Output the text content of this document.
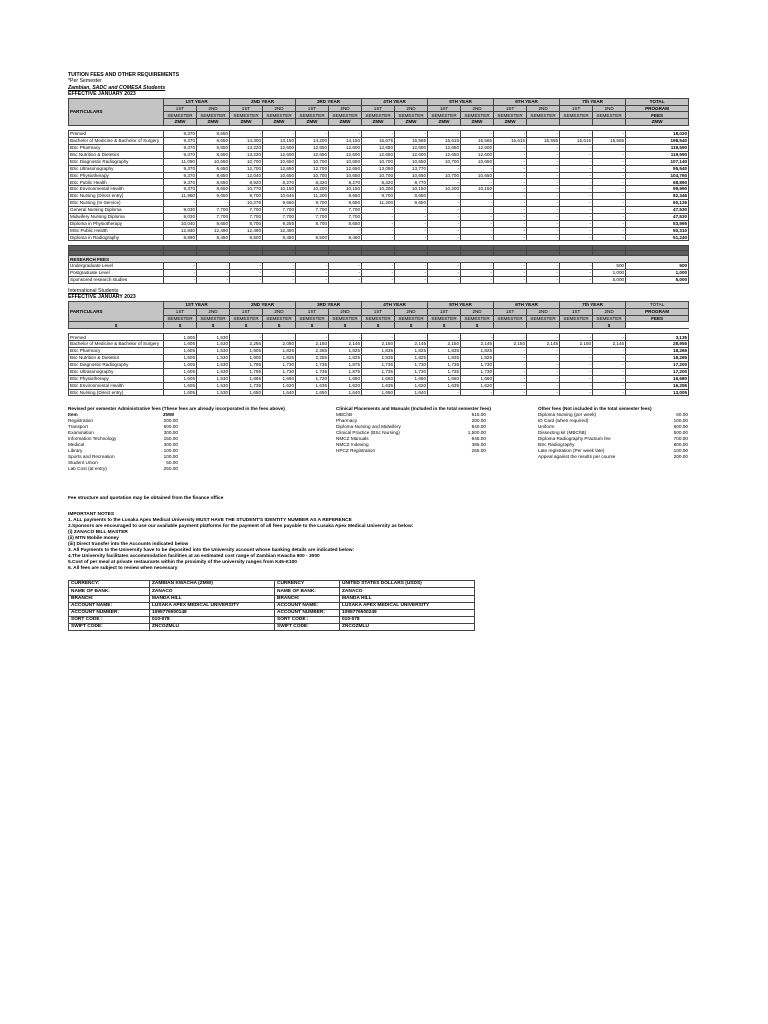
TUITION FEES AND OTHER REQUIREMENTS
*Per Semester
Zambian, SADC and COMESA Students
EFFECTIVE JANUARY 2023
PARTICULARS	1ST YEAR		2ND YEAR		3RD YEAR		4TH YEAR		5TH YEAR		6TH YEAR		7th YEAR		TOTAL
	1ST	2ND	1ST	2ND	1ST	2ND	1ST	2ND	1ST	2ND	1ST	2ND	1ST	2ND	PROGRAM
	SEMESTER	SEMESTER	SEMESTER	SEMESTER	SEMESTER	SEMESTER	SEMESTER	SEMESTER	SEMESTER	SEMESTER	SEMESTER	SEMESTER	SEMESTER	SEMESTER	FEES
	ZMW	ZMW	ZMW	ZMW	ZMW	ZMW	ZMW	ZMW	ZMW	ZMW	ZMW				ZMW

Premed	9,370	8,650	-	-	-	-	-	-	-	-	-	-	-	-	18,020
Bachelor of Medicine & Bachelor of Surgery	9,370	8,650	14,300	13,150	14,200	14,150	15,675	15,565	15,615	15,565	15,615	15,565	15,615	15,565	198,540
BSc Pharmacy	9,370	8,650	13,220	12,600	12,650	12,600	12,650	12,600	12,650	12,600	-	-	-	-	119,590
Bsc Nutrition & Dietetics	9,370	8,650	13,220	12,600	12,650	12,600	12,650	12,600	12,650	12,600	-	-	-	-	119,590
BSc Diagnostic Radiography	11,090	10,650	10,700	10,650	10,700	10,650	10,700	10,650	10,700	10,650	-	-	-	-	107,140
BSc Ultrasonography	9,370	8,650	12,700	12,650	12,700	12,650	13,050	13,770	-	-	-	-	-	-	95,540
BSc Physiotherapy	9,370	8,650	12,040	10,650	10,700	10,650	10,700	10,650	10,700	10,650	-	-	-	-	104,760
BSc Public Health	9,370	8,650	8,920	8,270	8,320	8,270	8,320	8,770	-	-	-	-	-	-	68,890
BSc Environmental Health	9,370	8,650	10,770	10,150	10,200	10,150	10,200	10,150	10,200	10,150	-	-	-	-	99,990
BSc Nursing (Direct entry)	11,950	9,650	9,700	10,646	11,200	9,650	9,700	9,650	-	-	-	-	-	-	82,346
BSc Nursing (In-Service)	-	-	10,276	9,650	9,700	9,650	11,200	9,650	-	-	-	-	-	-	60,126
General Nursing Diploma	9,030	7,700	7,700	7,700	7,700	7,700	-	-	-	-	-	-	-	-	47,530
Midwifery Nursing Diploma	9,030	7,700	7,700	7,700	7,700	7,700	-	-	-	-	-	-	-	-	47,530
Diploma in Physiotherapy	10,040	8,650	8,700	9,255	8,700	8,650	-	-	-	-	-	-	-	-	53,995
MSc Public Health	12,840	12,490	12,490	12,490	-	-	-	-	-	-	-	-	-	-	50,310
Diploma in Radiography	8,890	8,450	8,500	8,450	8,500	8,450	-	-	-	-	-	-	-	-	51,240

RESEARCH FEES															
Undergraduate Level	-	-	-	-	-	-	-	-	-	-	-	-	-	500	500
Postgraduate Level	-	-	-	-	-	-	-	-	-	-	-	-	-	1,000	1,000
Sponsored research studies	-	-	-	-	-	-	-	-	-	-	-	-	-	5,000	5,000
International Students
EFFECTIVE JANUARY 2023
PARTICULARS	1ST YEAR		2ND YEAR		3RD YEAR		4TH YEAR		5TH YEAR		6TH YEAR		7th YEAR		TOTAL
	1ST	2ND	1ST	2ND	1ST	2ND	1ST	2ND	1ST	2ND	1ST	2ND	1ST	2ND	PROGRAM
	SEMESTER	SEMESTER	SEMESTER	SEMESTER	SEMESTER	SEMESTER	SEMESTER	SEMESTER	SEMESTER	SEMESTER	SEMESTER	SEMESTER	SEMESTER	SEMESTER	FEES
$	$	$	$	$	$	$	$	$	$	$				$	

Premed	1,605	1,530	-	-	-	-	-	-	-	-	-	-	-	-	3,135
Bachelor of Medicine & Bachelor of Surgery	1,605	1,530	2,265	2,080	2,150	2,145	2,150	2,145	2,150	2,145	2,150	2,145	2,150	2,145	28,955
BSc Pharmacy	1,605	1,530	1,905	1,825	2,255	1,825	1,835	1,825	1,835	1,825	-	-	-	-	18,265
Bsc Nutrition & Dietetics	1,605	1,530	1,905	1,825	2,255	1,825	1,835	1,825	1,835	1,825	-	-	-	-	18,265
BSc Diagnostic Radiography	1,605	1,530	1,795	1,730	1,735	1,875	1,735	1,730	1,735	1,730	-	-	-	-	17,200
BSc Ultrasonography	1,605	1,530	1,795	1,730	1,735	1,875	1,735	1,730	1,735	1,730	-	-	-	-	17,200
BSc Physiotherapy	1,605	1,530	1,865	1,660	1,720	1,660	1,660	1,660	1,660	1,660	-	-	-	-	16,680
BSc Environmental Health	1,605	1,530	1,735	1,620	1,635	1,620	1,635	1,620	1,635	1,620	-	-	-	-	16,255
BSc Nursing (Direct entry)	1,605	1,530	1,650	1,640	1,650	1,640	1,650	1,640	-	-	-	-	-	-	13,005
Revised per semester Administrative fees (These fees are already incorporated in the fees above)
Item	ZMW
Registration	200.00
Transport	600.00
Examination	300.00
Information Technology	150.00
Medical	300.00
Library	100.00
Sports and Recreation	100.00
Student Union	50.00
Lab Cost (at entry)	250.00
Clinical Placements and Manuals (Included in the total semester fees)
MBChB	915.00
Pharmacy	200.00
Diploma Nursing and Midwifery	840.00
Clinical Practice (BSc Nursing)	1,500.00
NMCZ Manuals	945.00
NMCZ Indexing	385.00
HPCZ Registration	265.00
Other fees (Not included in the total semester fees)
Diploma Nursing (per week)	60.00
ID Card (when required)	100.00
Uniform	600.00
Dissecting kit (MBChB)	500.00
Diploma Radiography Practium fee	700.00
BSc Radiography	800.00
Late registration (Per week late)	100.00
Appeal against the results per course	200.00
Fee structure and quotation may be obtained from the finance office
IMPORTANT NOTES
1. ALL payments to the Lusaka Apex Medical University MUST HAVE THE STUDENT'S IDENTITY NUMBER AS A REFERENCE
2.Sponsors are encouraged to use our available payment platforms for the payment of all fees payable to the Lusaka Apex Medical University as below:
(i) ZANACO BILL MASTER
(ii) MTN Mobile money
(iii) Direct transfer into the Accounts indicated below
3. All Payments to the University have to be deposited into the University account whose banking details are indicated below:
4.The University facilitates accommodation facilities at an estimated cost range of Zambian Kwacha 800 - 3000
5.Cost of per meal at private restaurants within the proximity of the university ranges from K45-K100
6. All fees are subject to review when necessary
CURRENCY:	ZAMBIAN KWACHA (ZMW)	CURRENCY	UNITED STATES DOLLARS (USDS)
NAME OF BANK:	ZANACO	NAME OF BANK:	ZANACO
BRANCH:	MANDA HILL	BRANCH:	MANDA HILL
ACCOUNT NAME:	LUSAKA APEX MEDICAL UNIVERSITY	ACCOUNT NAME:	LUSAKA APEX MEDICAL UNIVERSITY
ACCOUNT NUMBER:	1095776500148	ACCOUNT NUMBER:	1095776500249
SORT CODE :	010-078	SORT CODE :	010-078
SWIFT CODE:	ZNCOZMLU	SWIFT CODE:	ZNCOZMLU
